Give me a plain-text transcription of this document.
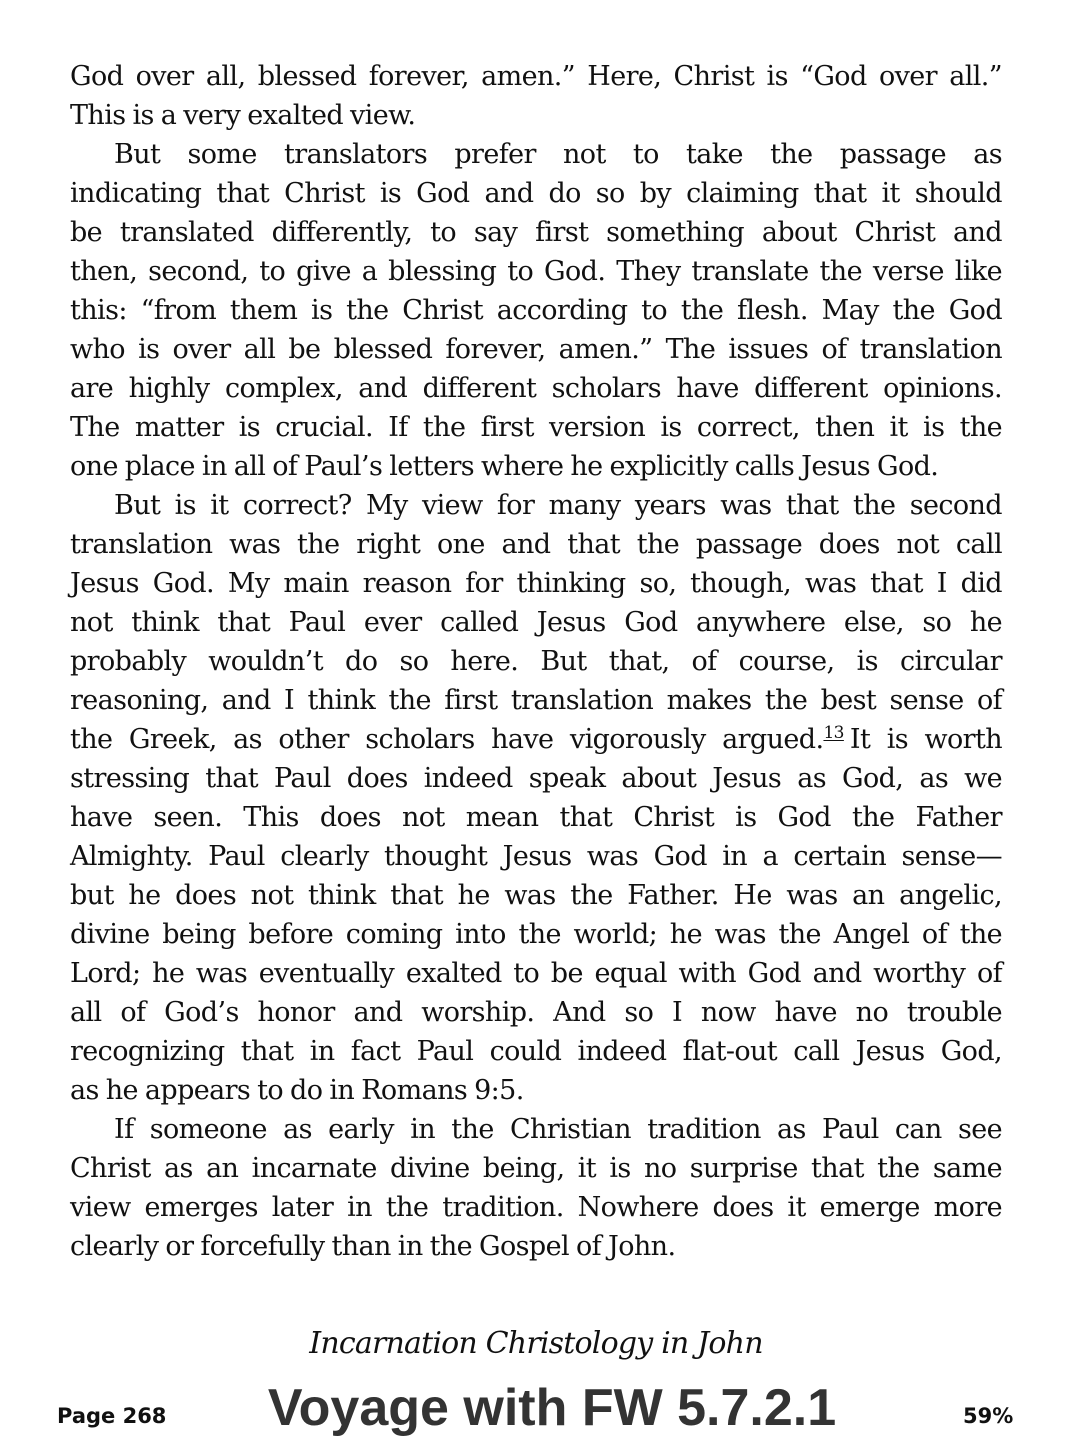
God over all, blessed forever, amen.” Here, Christ is “God over all.”
This is a very exalted view.
But some translators prefer not to take the passage as
indicating that Christ is God and do so by claiming that it should
be translated differently, to say first something about Christ and
then, second, to give a blessing to God. They translate the verse like
this: “from them is the Christ according to the flesh. May the God
who is over all be blessed forever, amen.” The issues of translation
are highly complex, and different scholars have different opinions.
The matter is crucial. If the first version is correct, then it is the
one place in all of Paul’s letters where he explicitly calls Jesus God.
But is it correct? My view for many years was that the second
translation was the right one and that the passage does not call
Jesus God. My main reason for thinking so, though, was that I did
not think that Paul ever called Jesus God anywhere else, so he
probably wouldn’t do so here. But that, of course, is circular
reasoning, and I think the first translation makes the best sense of
the Greek, as other scholars have vigorously argued.$^{13}$ It is worth
stressing that Paul does indeed speak about Jesus as God, as we
have seen. This does not mean that Christ is God the Father
Almighty. Paul clearly thought Jesus was God in a certain sense—
but he does not think that he was the Father. He was an angelic,
divine being before coming into the world; he was the Angel of the
Lord; he was eventually exalted to be equal with God and worthy of
all of God’s honor and worship. And so I now have no trouble
recognizing that in fact Paul could indeed flat-out call Jesus God,
as he appears to do in Romans 9:5.
If someone as early in the Christian tradition as Paul can see
Christ as an incarnate divine being, it is no surprise that the same
view emerges later in the tradition. Nowhere does it emerge more
clearly or forcefully than in the Gospel of John.
Incarnation Christology in John
Page 268	Voyage with FW 5.7.2.1	59%
